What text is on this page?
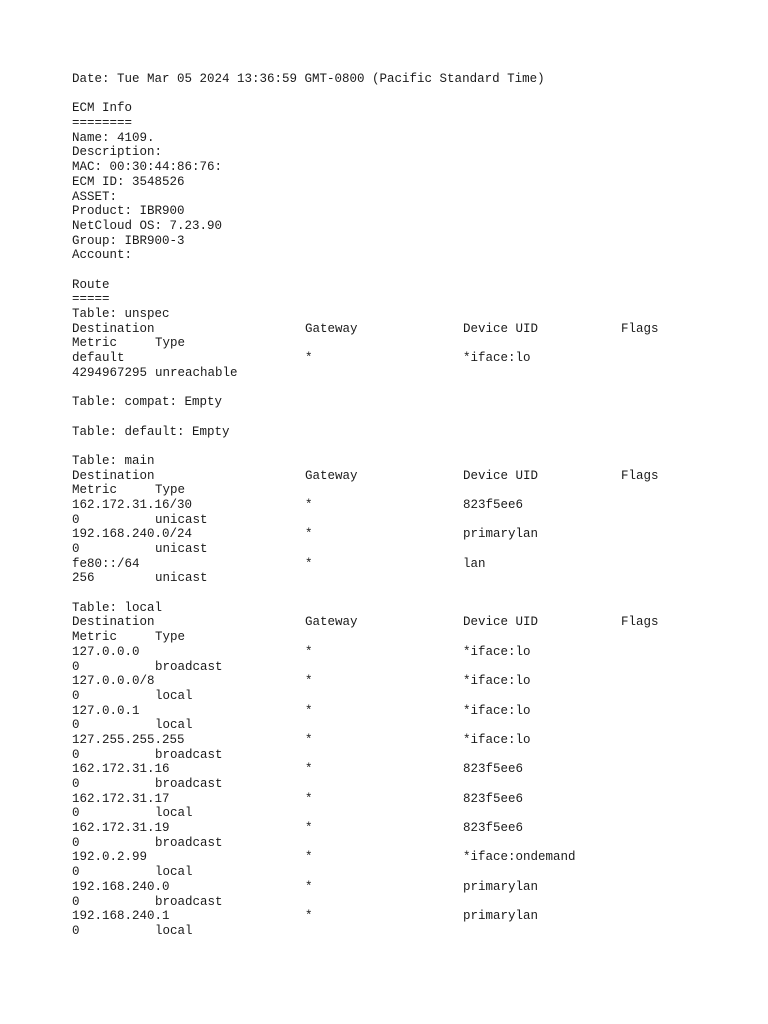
Date: Tue Mar 05 2024 13:36:59 GMT-0800 (Pacific Standard Time)
ECM Info
========
Name: 4109.
Description:
MAC: 00:30:44:86:76:
ECM ID: 3548526
ASSET:
Product: IBR900
NetCloud OS: 7.23.90
Group: IBR900-3
Account:
Route
=====
Table: unspec
Destination	Gateway	Device UID	Flags
Metric	Type
default	*	*iface:lo
4294967295 unreachable
Table: compat: Empty
Table: default: Empty
Table: main
Destination	Gateway	Device UID	Flags
Metric	Type
162.172.31.16/30	*	823f5ee6
0	unicast
192.168.240.0/24	*	primarylan
0	unicast
fe80::/64	*	lan
256	unicast
Table: local
Destination	Gateway	Device UID	Flags
Metric	Type
127.0.0.0	*	*iface:lo
0	broadcast
127.0.0.0/8	*	*iface:lo
0	local
127.0.0.1	*	*iface:lo
0	local
127.255.255.255	*	*iface:lo
0	broadcast
162.172.31.16	*	823f5ee6
0	broadcast
162.172.31.17	*	823f5ee6
0	local
162.172.31.19	*	823f5ee6
0	broadcast
192.0.2.99	*	*iface:ondemand
0	local
192.168.240.0	*	primarylan
0	broadcast
192.168.240.1	*	primarylan
0	local
